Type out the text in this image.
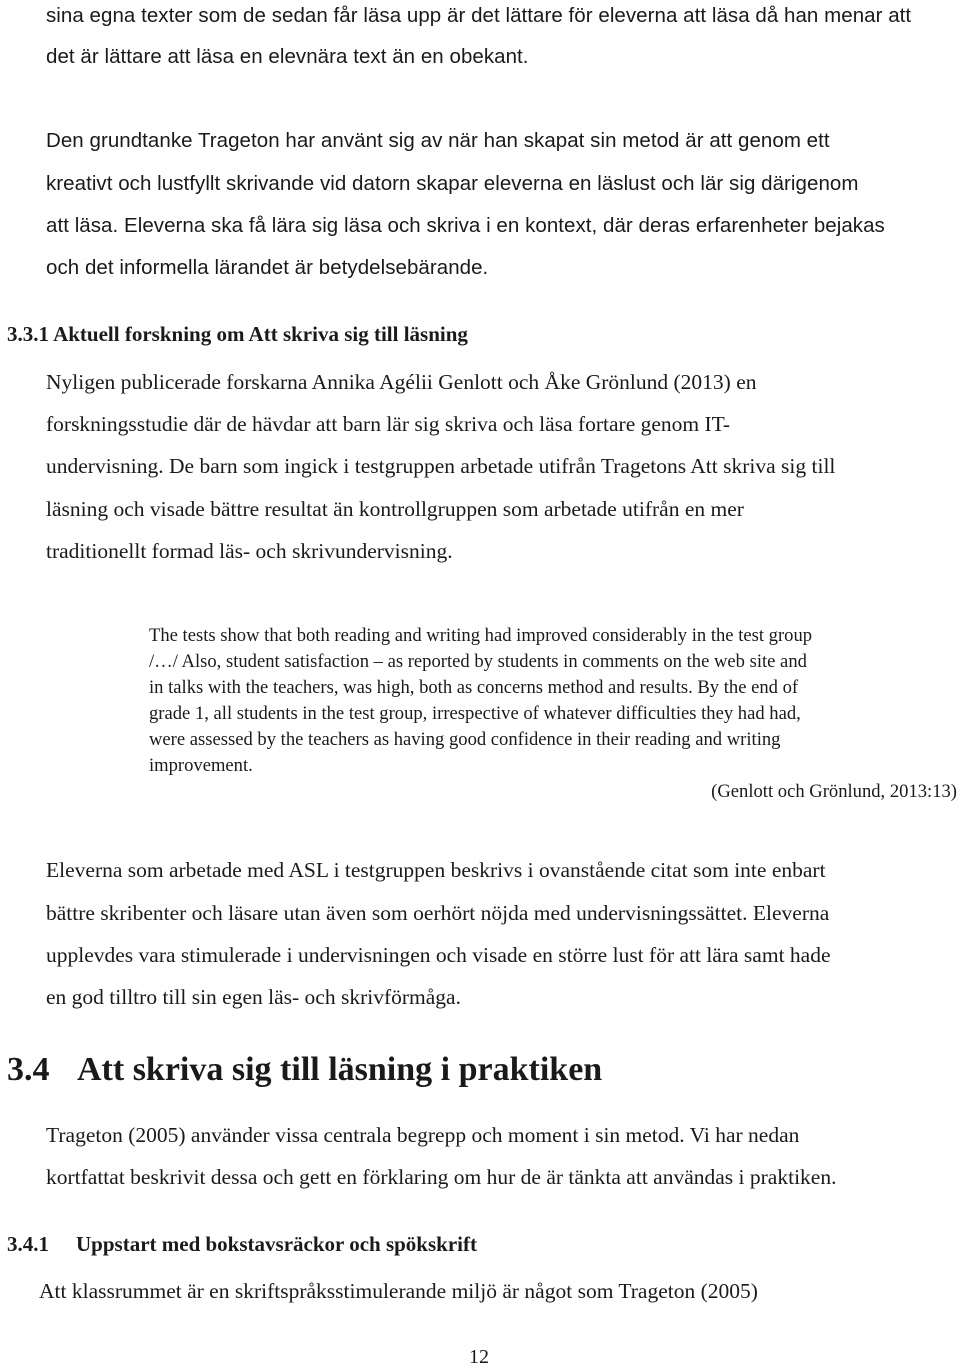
sina egna texter som de sedan får läsa upp är det lättare för eleverna att läsa då han menar att

det är lättare att läsa en elevnära text än en obekant.

Den grundtanke Trageton har använt sig av när han skapat sin metod är att genom ett

kreativt och lustfyllt skrivande vid datorn skapar eleverna en läslust och lär sig därigenom

att läsa. Eleverna ska få lära sig läsa och skriva i en kontext, där deras erfarenheter bejakas

och det informella lärandet är betydelsebärande.

3.3.1 Aktuell forskning om Att skriva sig till läsning

Nyligen publicerade forskarna Annika Agélii Genlott och Åke Grönlund (2013) en

forskningsstudie där de hävdar att barn lär sig skriva och läsa fortare genom IT-

undervisning. De barn som ingick i testgruppen arbetade utifrån Tragetons Att skriva sig till

läsning och visade bättre resultat än kontrollgruppen som arbetade utifrån en mer

traditionellt formad läs- och skrivundervisning.

The tests show that both reading and writing had improved considerably in the test group

/…/ Also, student satisfaction – as reported by students in comments on the web site and

in talks with the teachers, was high, both as concerns method and results. By the end of

grade 1, all students in the test group, irrespective of whatever difficulties they had had,

were assessed by the teachers as having good confidence in their reading and writing

improvement.

(Genlott och Grönlund, 2013:13)

Eleverna som arbetade med ASL i testgruppen beskrivs i ovanstående citat som inte enbart

bättre skribenter och läsare utan även som oerhört nöjda med undervisningssättet. Eleverna

upplevdes vara stimulerade i undervisningen och visade en större lust för att lära samt hade

en god tilltro till sin egen läs- och skrivförmåga.

3.4 Att skriva sig till läsning i praktiken

Trageton (2005) använder vissa centrala begrepp och moment i sin metod. Vi har nedan

kortfattat beskrivit dessa och gett en förklaring om hur de är tänkta att användas i praktiken.

3.4.1 Uppstart med bokstavsräckor och spökskrift

Att klassrummet är en skriftspråksstimulerande miljö är något som Trageton (2005)

12
